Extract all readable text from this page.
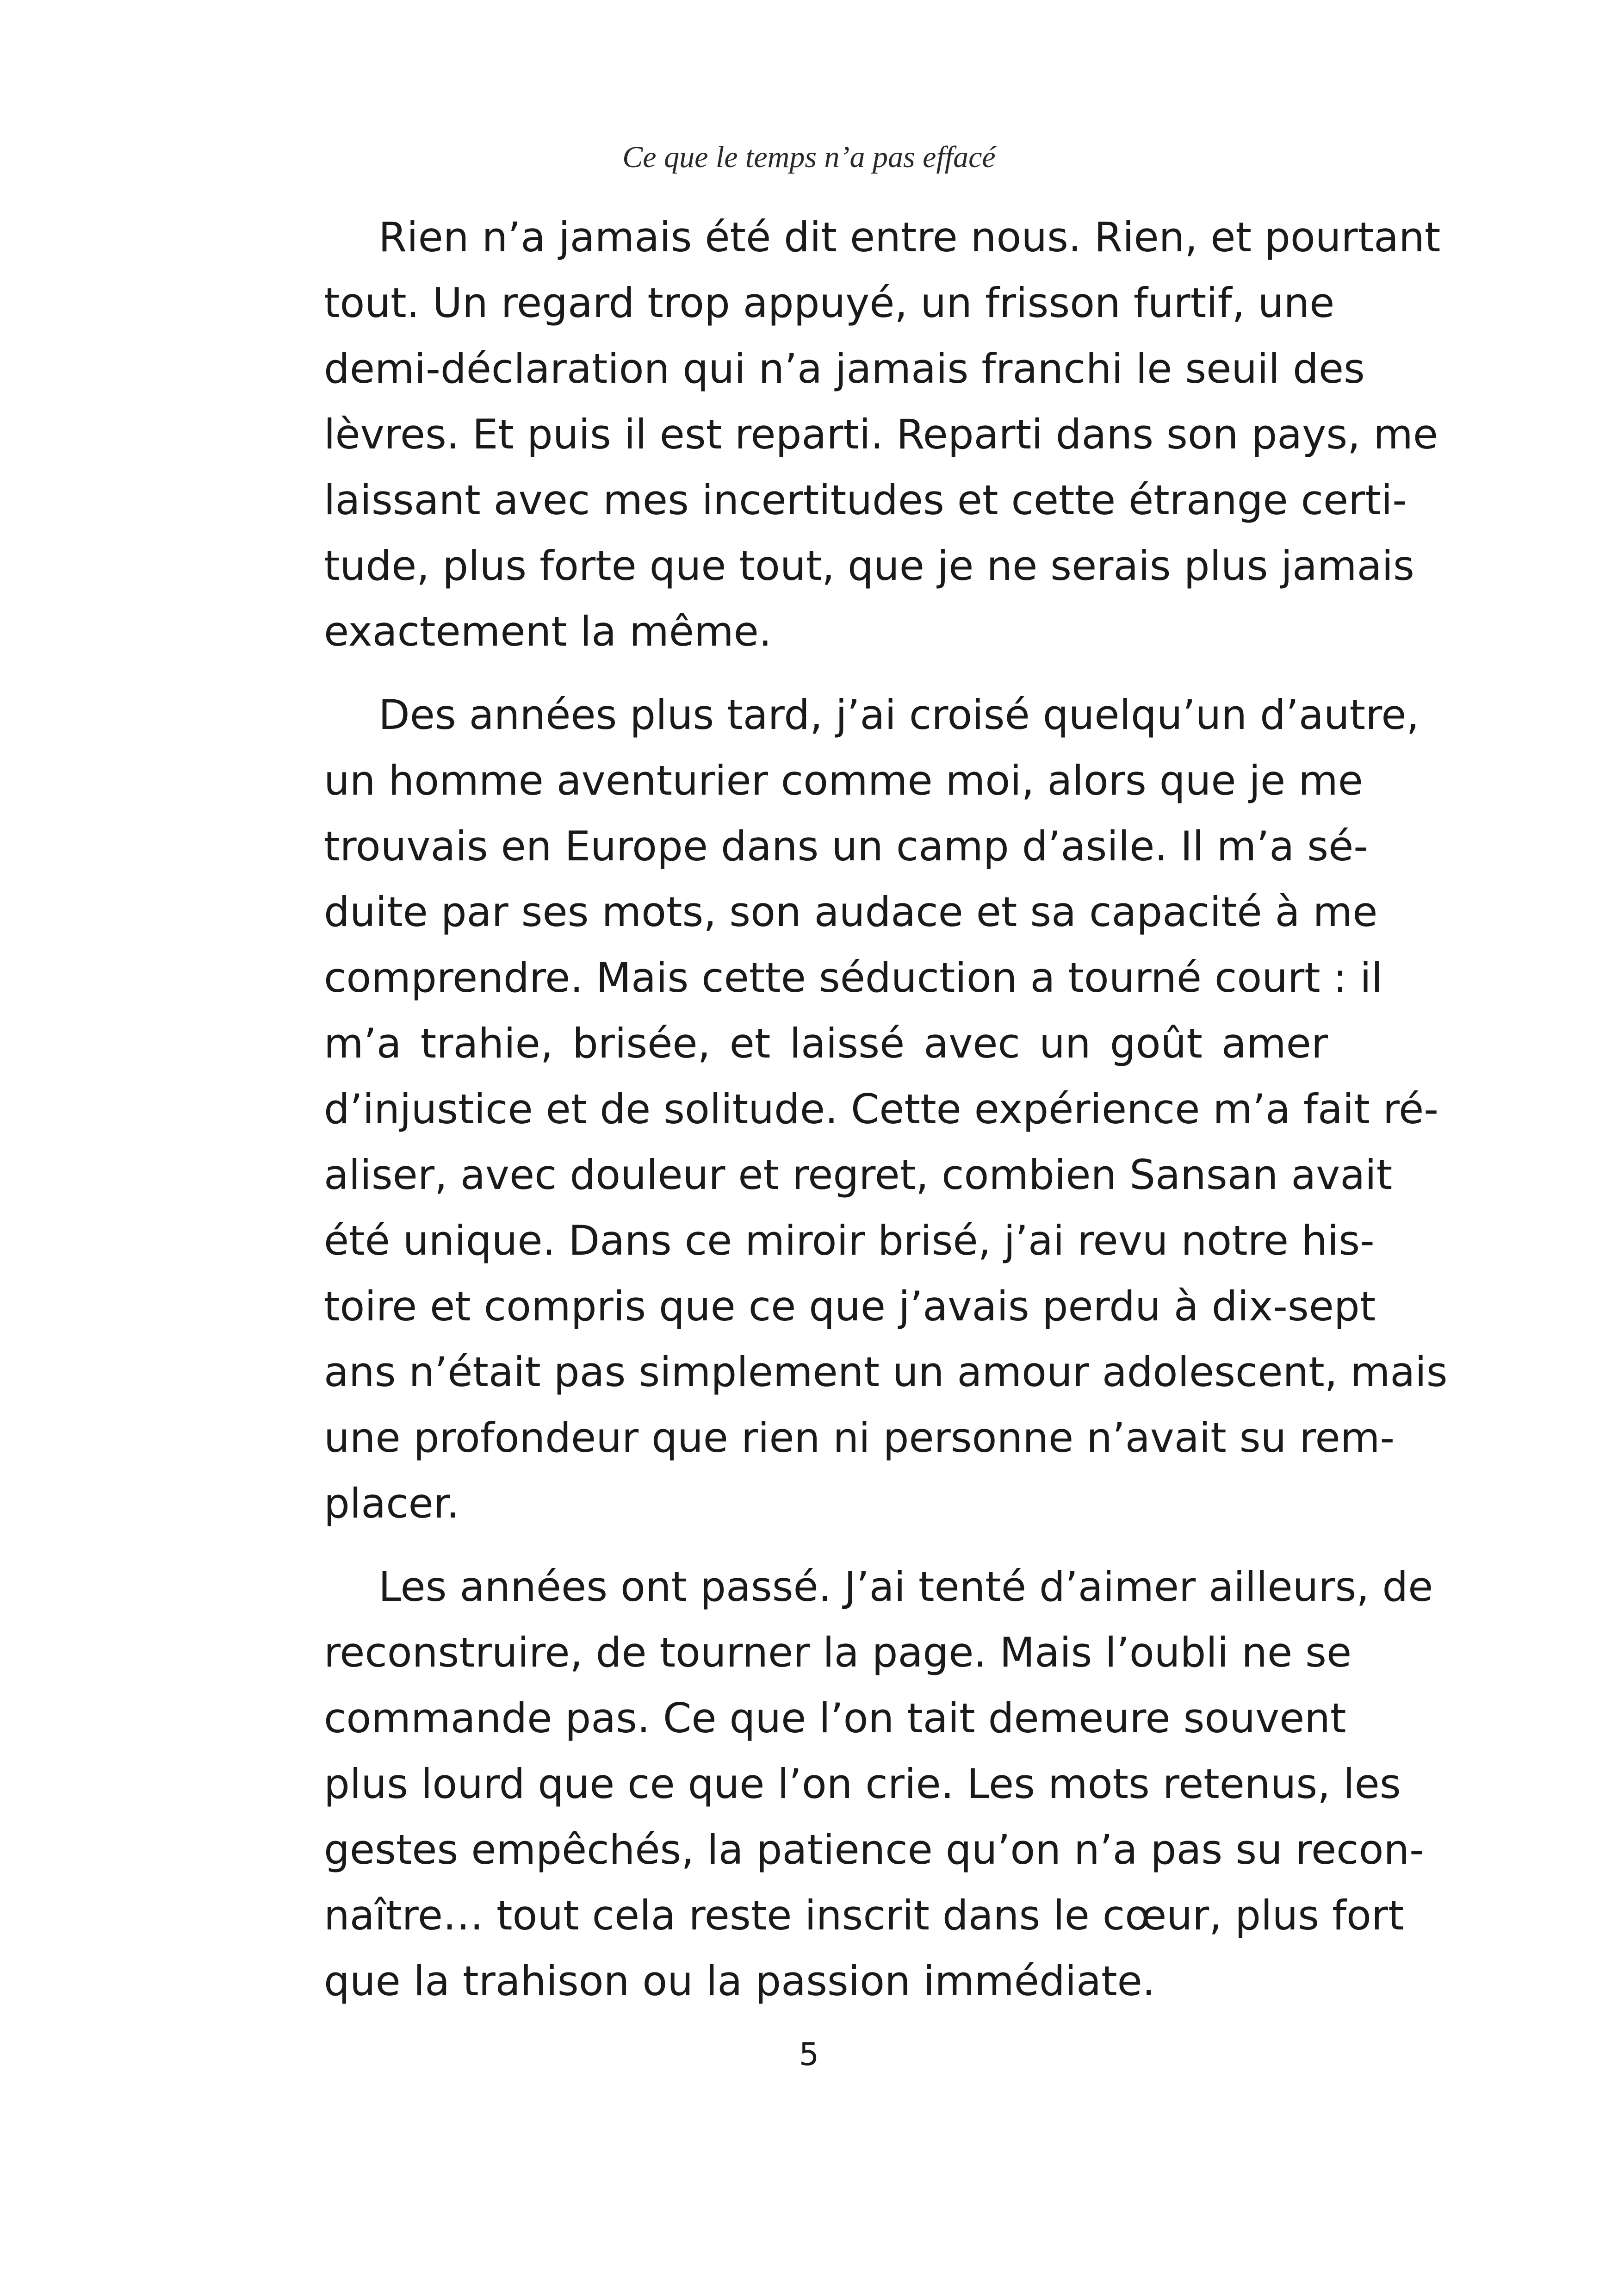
Ce que le temps n’a pas effacé
Rien n’a jamais été dit entre nous. Rien, et pourtant
tout. Un regard trop appuyé, un frisson furtif, une
demi-déclaration qui n’a jamais franchi le seuil des
lèvres. Et puis il est reparti. Reparti dans son pays, me
laissant avec mes incertitudes et cette étrange certi-
tude, plus forte que tout, que je ne serais plus jamais
exactement la même.
Des années plus tard, j’ai croisé quelqu’un d’autre,
un homme aventurier comme moi, alors que je me
trouvais en Europe dans un camp d’asile. Il m’a sé-
duite par ses mots, son audace et sa capacité à me
comprendre. Mais cette séduction a tourné court : il
m’a trahie, brisée, et laissé avec un goût amer
d’injustice et de solitude. Cette expérience m’a fait ré-
aliser, avec douleur et regret, combien Sansan avait
été unique. Dans ce miroir brisé, j’ai revu notre his-
toire et compris que ce que j’avais perdu à dix-sept
ans n’était pas simplement un amour adolescent, mais
une profondeur que rien ni personne n’avait su rem-
placer.
Les années ont passé. J’ai tenté d’aimer ailleurs, de
reconstruire, de tourner la page. Mais l’oubli ne se
commande pas. Ce que l’on tait demeure souvent
plus lourd que ce que l’on crie. Les mots retenus, les
gestes empêchés, la patience qu’on n’a pas su recon-
naître… tout cela reste inscrit dans le cœur, plus fort
que la trahison ou la passion immédiate.
5
